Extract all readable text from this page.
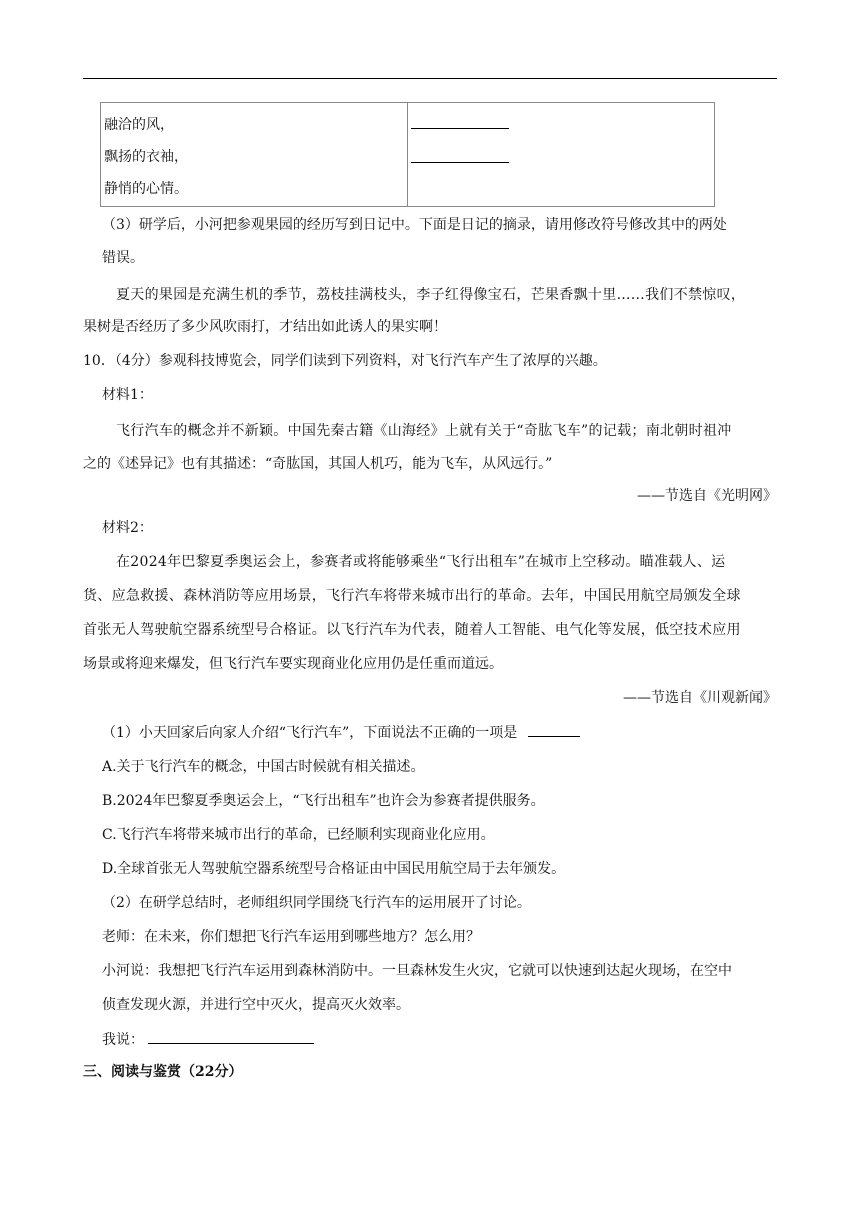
融洽的风，
飘扬的衣袖，
静悄的心情。
（3）研学后，小河把参观果园的经历写到日记中。下面是日记的摘录，请用修改符号修改其中的两处
错误。
夏天的果园是充满生机的季节，荔枝挂满枝头，李子红得像宝石，芒果香飘十里……我们不禁惊叹，
果树是否经历了多少风吹雨打，才结出如此诱人的果实啊！
10．（4分）参观科技博览会，同学们读到下列资料，对飞行汽车产生了浓厚的兴趣。
材料1：
飞行汽车的概念并不新颖。中国先秦古籍《山海经》上就有关于“奇肱飞车”的记载；南北朝时祖冲
之的《述异记》也有其描述：“奇肱国，其国人机巧，能为飞车，从风远行。”
——节选自《光明网》
材料2：
在2024年巴黎夏季奥运会上，参赛者或将能够乘坐“飞行出租车”在城市上空移动。瞄准载人、运
货、应急救援、森林消防等应用场景，飞行汽车将带来城市出行的革命。去年，中国民用航空局颁发全球
首张无人驾驶航空器系统型号合格证。以飞行汽车为代表，随着人工智能、电气化等发展，低空技术应用
场景或将迎来爆发，但飞行汽车要实现商业化应用仍是任重而道远。
——节选自《川观新闻》
（1）小天回家后向家人介绍“飞行汽车”，下面说法不正确的一项是
A.关于飞行汽车的概念，中国古时候就有相关描述。
B.2024年巴黎夏季奥运会上，“飞行出租车”也许会为参赛者提供服务。
C.飞行汽车将带来城市出行的革命，已经顺利实现商业化应用。
D.全球首张无人驾驶航空器系统型号合格证由中国民用航空局于去年颁发。
（2）在研学总结时，老师组织同学围绕飞行汽车的运用展开了讨论。
老师：在未来，你们想把飞行汽车运用到哪些地方？怎么用？
小河说：我想把飞行汽车运用到森林消防中。一旦森林发生火灾，它就可以快速到达起火现场，在空中
侦查发现火源，并进行空中灭火，提高灭火效率。
我说：
三、阅读与鉴赏（22分）
